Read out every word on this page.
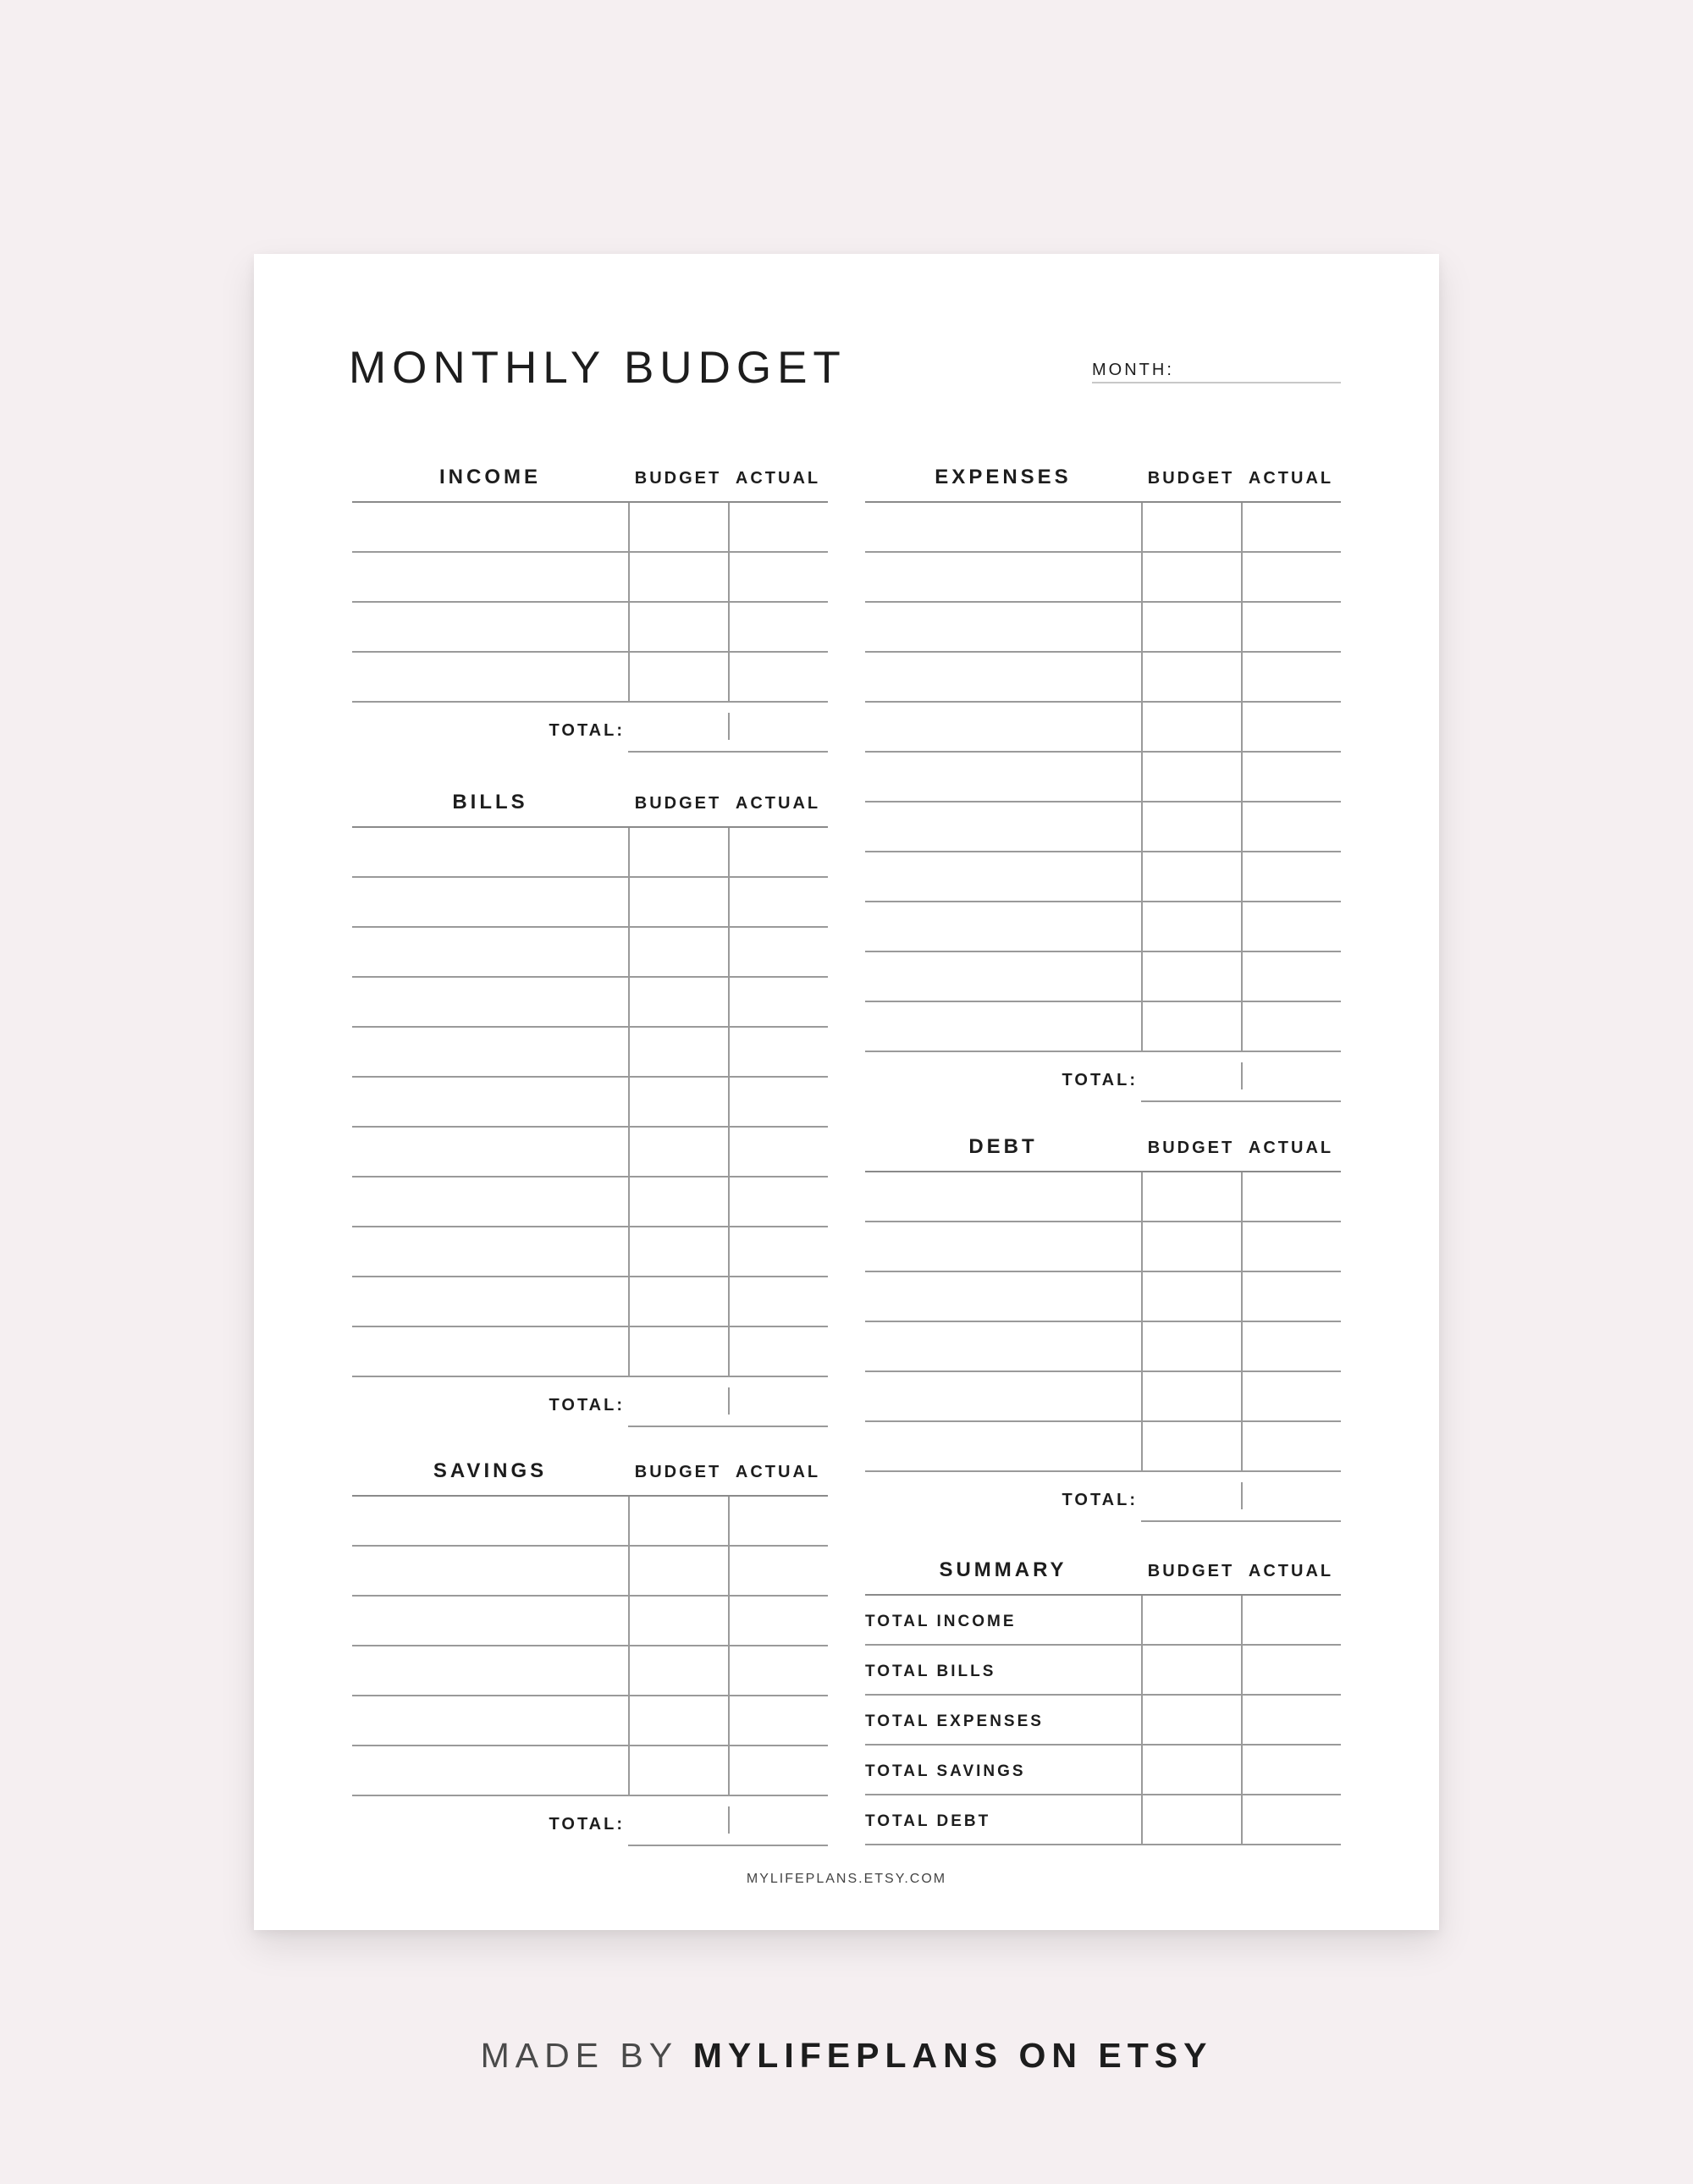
MONTHLY BUDGET	MONTH:
INCOME	BUDGET ACTUAL
TOTAL:
BILLS	BUDGET ACTUAL
TOTAL:
SAVINGS	BUDGET ACTUAL
TOTAL:
EXPENSES	BUDGET ACTUAL
TOTAL:
DEBT	BUDGET ACTUAL
TOTAL:
SUMMARY	BUDGET ACTUAL
TOTAL INCOME
TOTAL BILLS
TOTAL EXPENSES
TOTAL SAVINGS
TOTAL DEBT
MYLIFEPLANS.ETSY.COM
MADE BY MYLIFEPLANS ON ETSY
